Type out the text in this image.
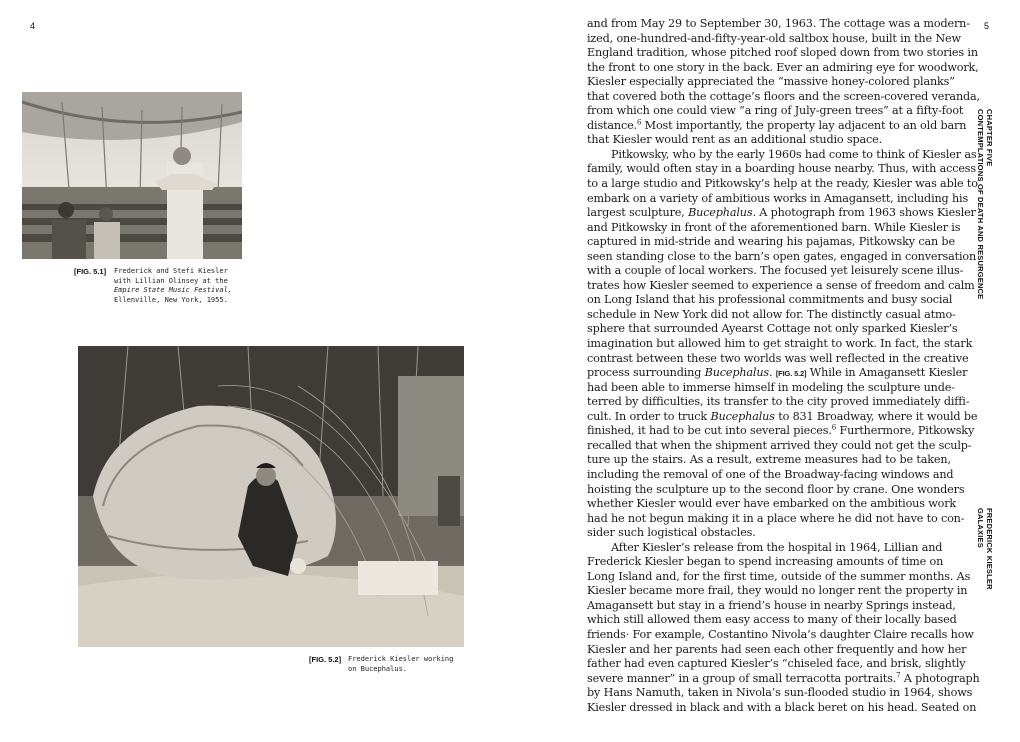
4
[FIG. 5.1] Frederick and Stefi Kiesler
with Lillian Olinsey at the
Empire State Music Festival,
Ellenville, New York, 1955.
[FIG. 5.2] Frederick Kiesler working
on Bucephalus.
5
and from May 29 to September 30, 1963. The cottage was a modern-
ized, one-hundred-and-fifty-year-old saltbox house, built in the New
England tradition, whose pitched roof sloped down from two stories in
the front to one story in the back. Ever an admiring eye for woodwork,
Kiesler especially appreciated the “massive honey-colored planks”
that covered both the cottage’s floors and the screen-covered veranda,
from which one could view “a ring of July-green trees” at a fifty-foot
distance.$^6$ Most importantly, the property lay adjacent to an old barn
that Kiesler would rent as an additional studio space.
Pitkowsky, who by the early 1960s had come to think of Kiesler as
family, would often stay in a boarding house nearby. Thus, with access
to a large studio and Pitkowsky’s help at the ready, Kiesler was able to
embark on a variety of ambitious works in Amagansett, including his
largest sculpture, Bucephalus. A photograph from 1963 shows Kiesler
and Pitkowsky in front of the aforementioned barn. While Kiesler is
captured in mid-stride and wearing his pajamas, Pitkowsky can be
seen standing close to the barn’s open gates, engaged in conversation
with a couple of local workers. The focused yet leisurely scene illus-
trates how Kiesler seemed to experience a sense of freedom and calm
on Long Island that his professional commitments and busy social
schedule in New York did not allow for. The distinctly casual atmo-
sphere that surrounded Ayearst Cottage not only sparked Kiesler’s
imagination but allowed him to get straight to work. In fact, the stark
contrast between these two worlds was well reflected in the creative
process surrounding Bucephalus. [FIG. 5.2] While in Amagansett Kiesler
had been able to immerse himself in modeling the sculpture unde-
terred by difficulties, its transfer to the city proved immediately diffi-
cult. In order to truck Bucephalus to 831 Broadway, where it would be
finished, it had to be cut into several pieces.$^6$ Furthermore, Pitkowsky
recalled that when the shipment arrived they could not get the sculp-
ture up the stairs. As a result, extreme measures had to be taken,
including the removal of one of the Broadway-facing windows and
hoisting the sculpture up to the second floor by crane. One wonders
whether Kiesler would ever have embarked on the ambitious work
had he not begun making it in a place where he did not have to con-
sider such logistical obstacles.
After Kiesler’s release from the hospital in 1964, Lillian and
Frederick Kiesler began to spend increasing amounts of time on
Long Island and, for the first time, outside of the summer months. As
Kiesler became more frail, they would no longer rent the property in
Amagansett but stay in a friend’s house in nearby Springs instead,
which still allowed them easy access to many of their locally based
friends· For example, Costantino Nivola’s daughter Claire recalls how
Kiesler and her parents had seen each other frequently and how her
father had even captured Kiesler’s “chiseled face, and brisk, slightly
severe manner” in a group of small terracotta portraits.$^7$ A photograph
by Hans Namuth, taken in Nivola’s sun-flooded studio in 1964, shows
Kiesler dressed in black and with a black beret on his head. Seated on
CHAPTER FIVE
CONTEMPLATIONS OF DEATH AND RESURGENCE
FREDERICK KIESLER
GALAXIES
